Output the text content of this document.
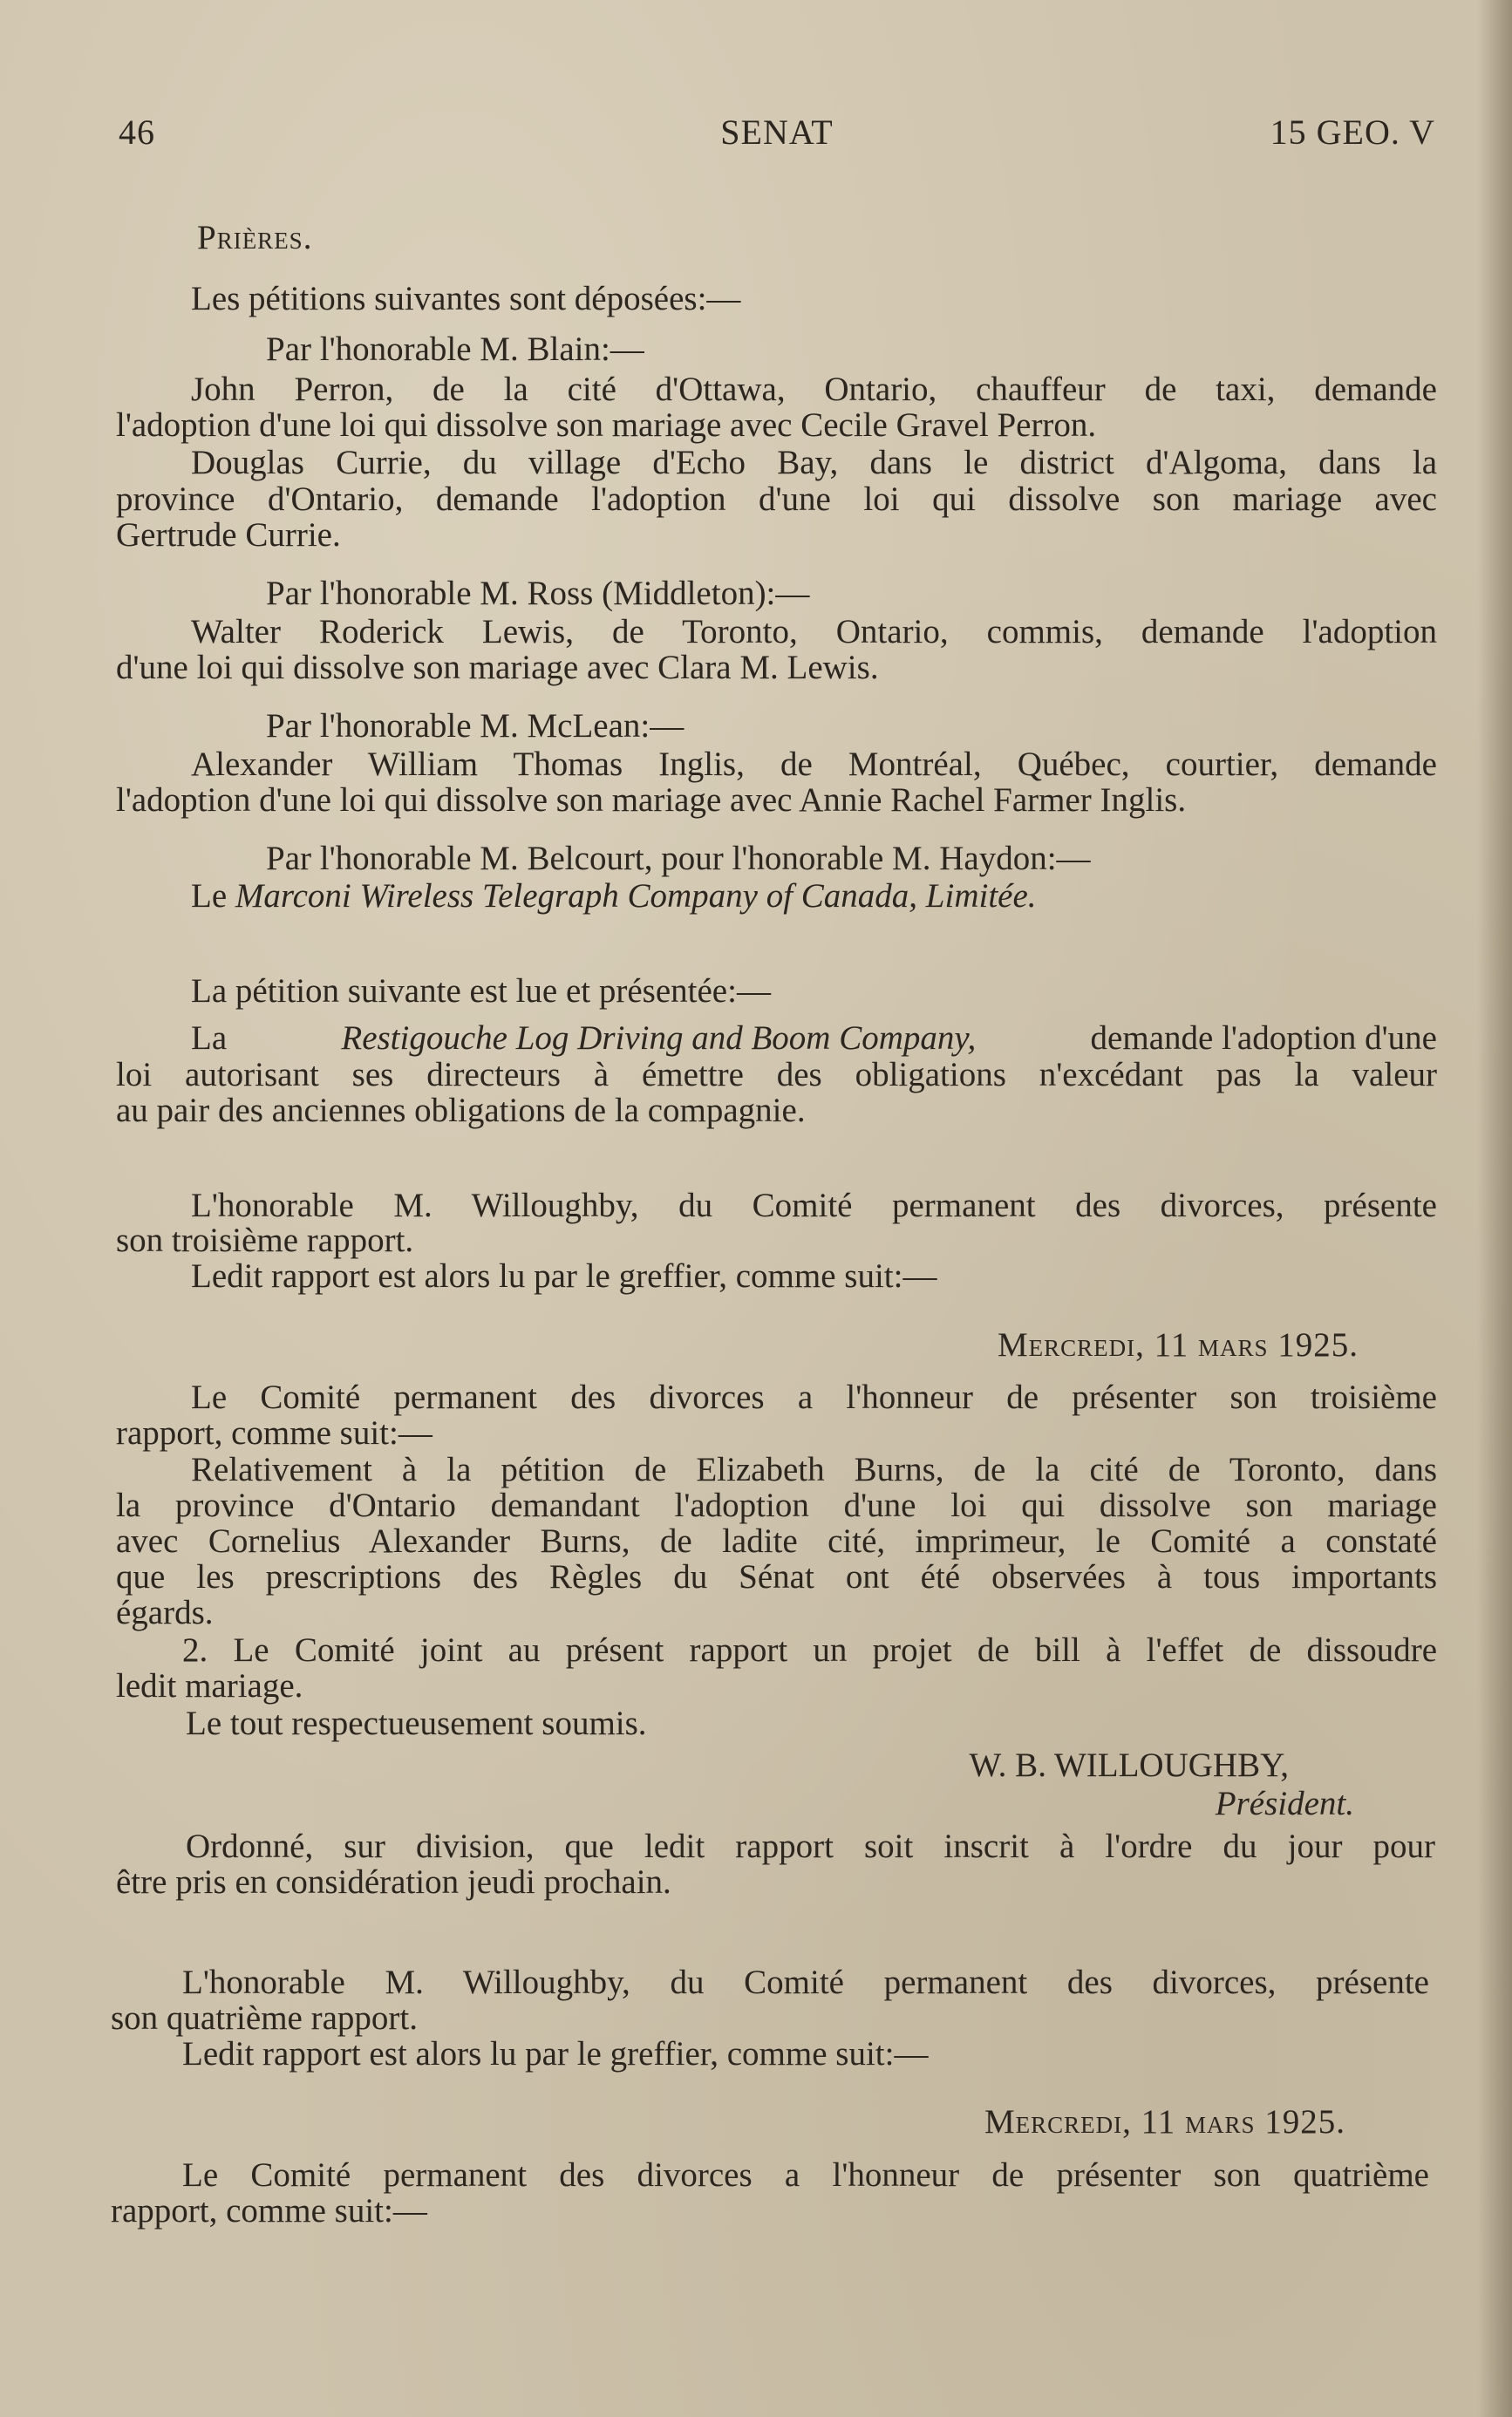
46	SENAT	15 GEO. V
Prières.
Les pétitions suivantes sont déposées:—
Par l'honorable M. Blain:—
John Perron, de la cité d'Ottawa, Ontario, chauffeur de taxi, demande
l'adoption d'une loi qui dissolve son mariage avec Cecile Gravel Perron.
Douglas Currie, du village d'Echo Bay, dans le district d'Algoma, dans la
province d'Ontario, demande l'adoption d'une loi qui dissolve son mariage avec
Gertrude Currie.
Par l'honorable M. Ross (Middleton):—
Walter Roderick Lewis, de Toronto, Ontario, commis, demande l'adoption
d'une loi qui dissolve son mariage avec Clara M. Lewis.
Par l'honorable M. McLean:—
Alexander William Thomas Inglis, de Montréal, Québec, courtier, demande
l'adoption d'une loi qui dissolve son mariage avec Annie Rachel Farmer Inglis.
Par l'honorable M. Belcourt, pour l'honorable M. Haydon:—
Le Marconi Wireless Telegraph Company of Canada, Limitée.
La pétition suivante est lue et présentée:—
La	Restigouche Log Driving and Boom Company,	demande l'adoption d'une
loi autorisant ses directeurs à émettre des obligations n'excédant pas la valeur
au pair des anciennes obligations de la compagnie.
L'honorable M. Willoughby, du Comité permanent des divorces, présente
son troisième rapport.
Ledit rapport est alors lu par le greffier, comme suit:—
Mercredi, 11 mars 1925.
Le Comité permanent des divorces a l'honneur de présenter son troisième
rapport, comme suit:—
Relativement à la pétition de Elizabeth Burns, de la cité de Toronto, dans
la province d'Ontario demandant l'adoption d'une loi qui dissolve son mariage
avec Cornelius Alexander Burns, de ladite cité, imprimeur, le Comité a constaté
que les prescriptions des Règles du Sénat ont été observées à tous importants
égards.
2. Le Comité joint au présent rapport un projet de bill à l'effet de dissoudre
ledit mariage.
Le tout respectueusement soumis.
W. B. WILLOUGHBY,
Président.
Ordonné, sur division, que ledit rapport soit inscrit à l'ordre du jour pour
être pris en considération jeudi prochain.
L'honorable M. Willoughby, du Comité permanent des divorces, présente
son quatrième rapport.
Ledit rapport est alors lu par le greffier, comme suit:—
Mercredi, 11 mars 1925.
Le Comité permanent des divorces a l'honneur de présenter son quatrième
rapport, comme suit:—
